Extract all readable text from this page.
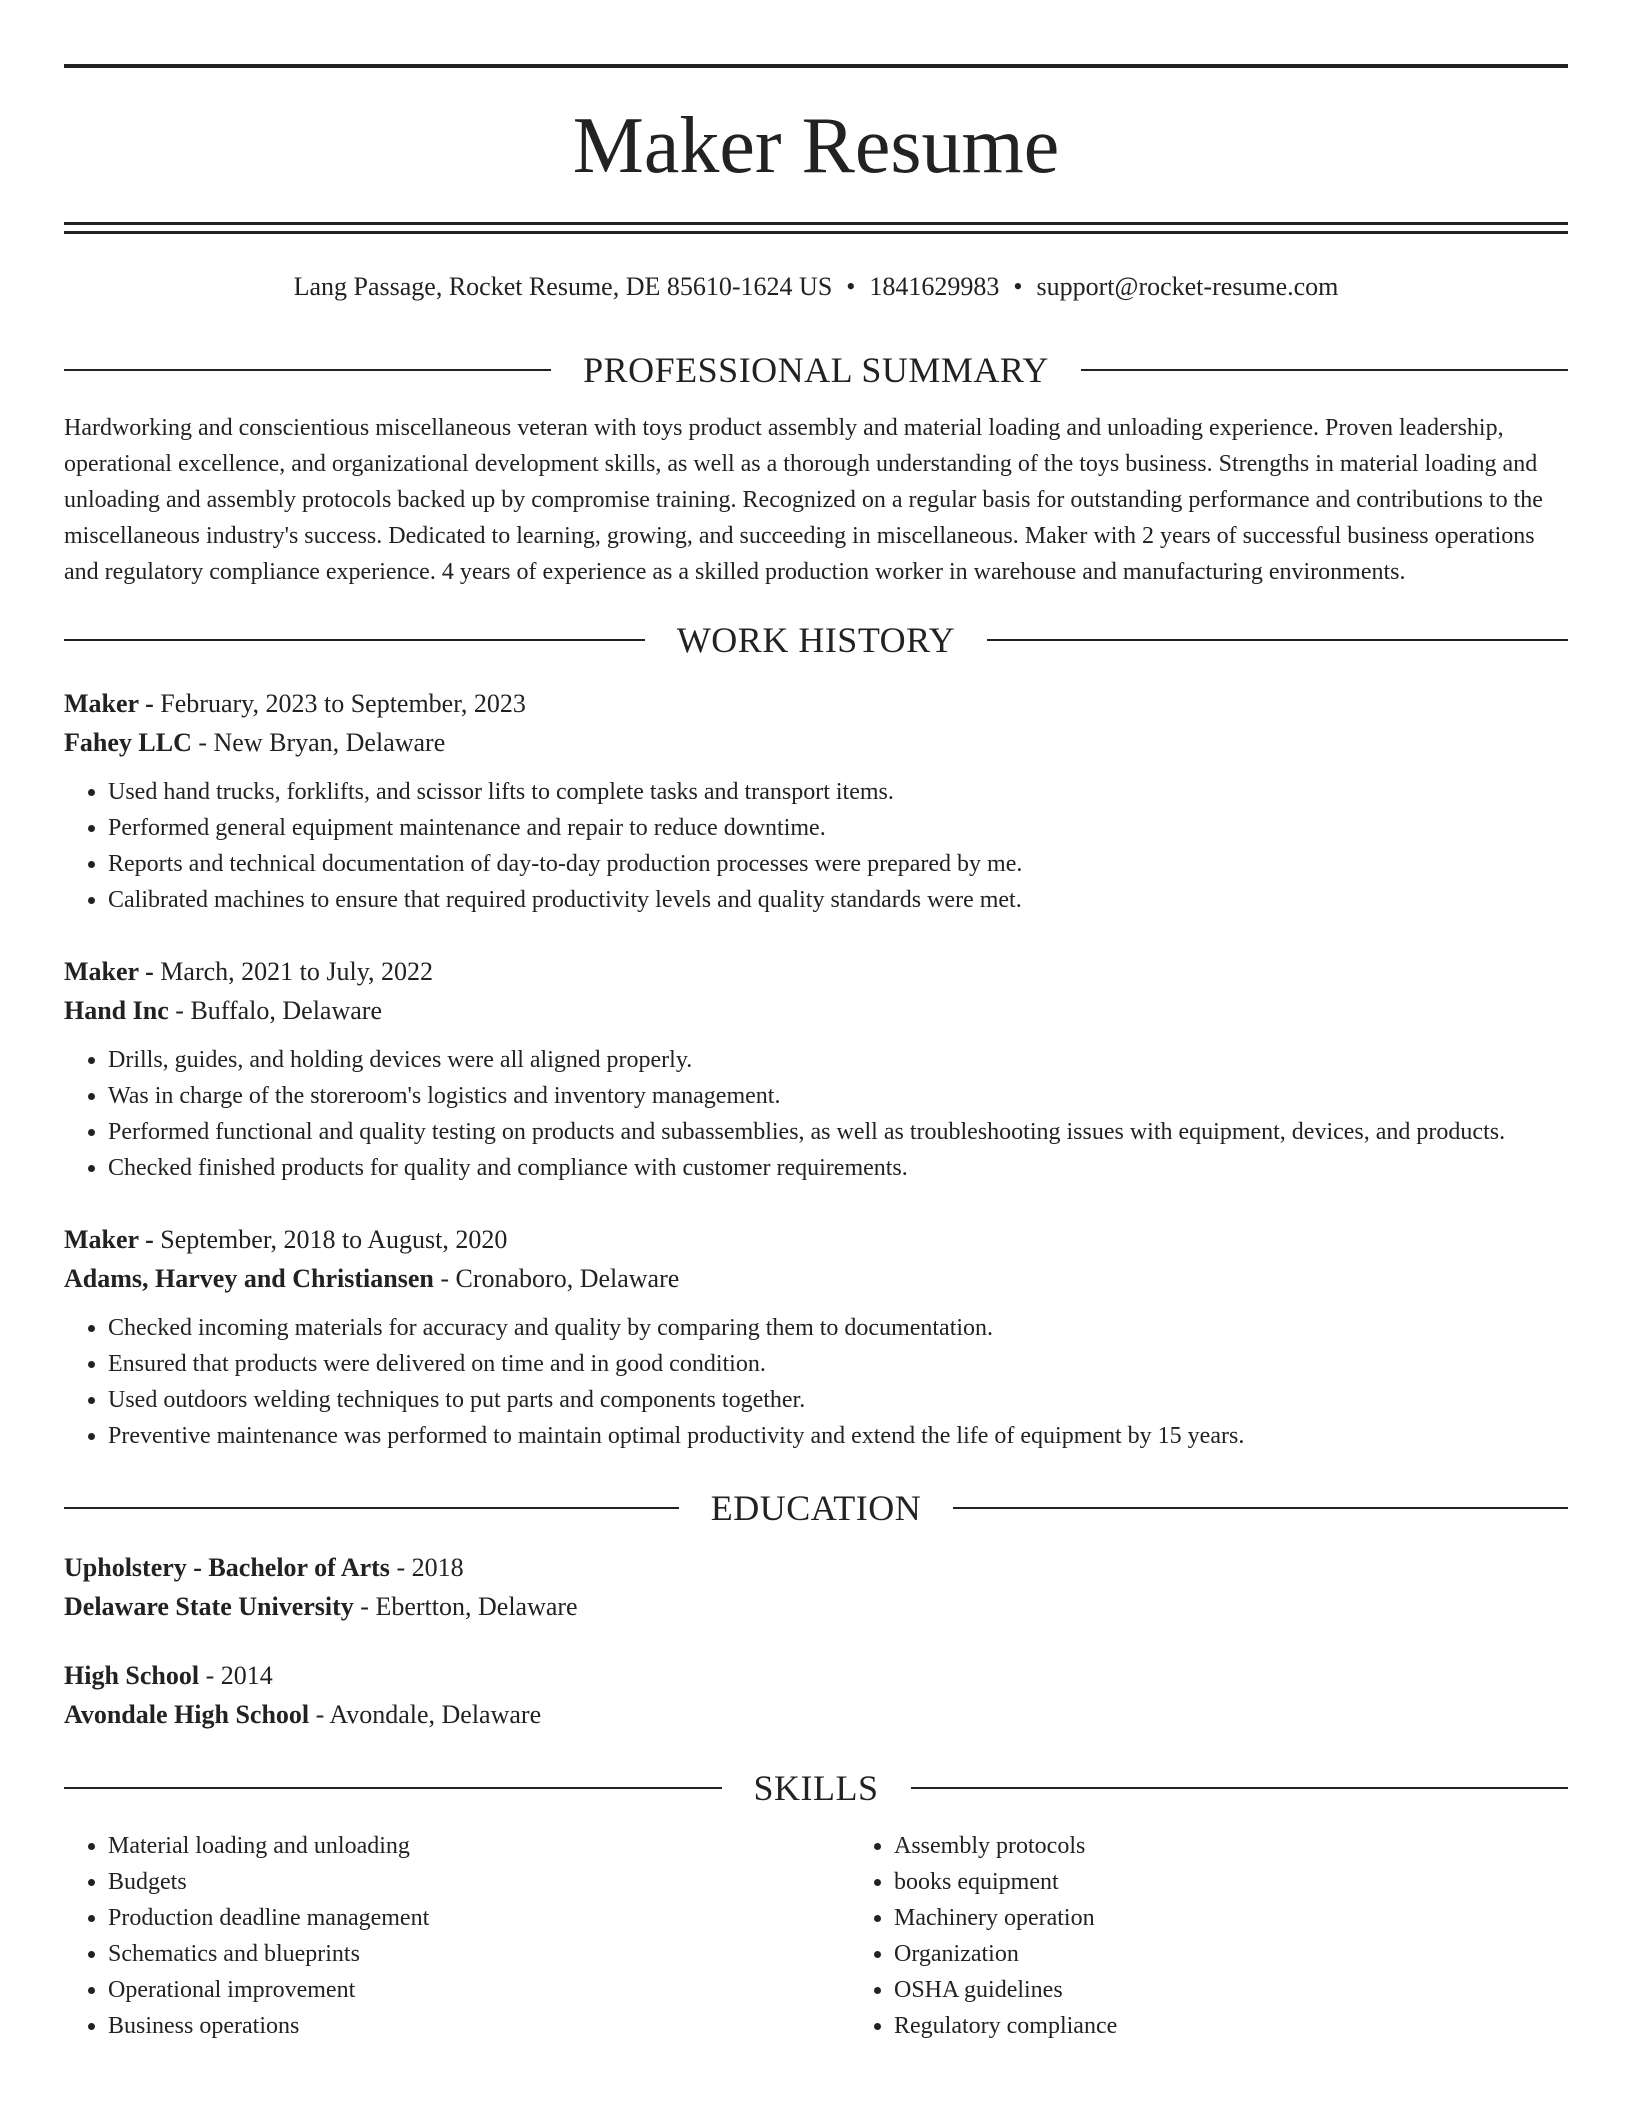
Maker Resume
Lang Passage, Rocket Resume, DE 85610-1624 US • 1841629983 • support@rocket-resume.com
PROFESSIONAL SUMMARY

Hardworking and conscientious miscellaneous veteran with toys product assembly and material loading and unloading experience. Proven leadership, operational excellence, and organizational development skills, as well as a thorough understanding of the toys business. Strengths in material loading and unloading and assembly protocols backed up by compromise training. Recognized on a regular basis for outstanding performance and contributions to the miscellaneous industry's success. Dedicated to learning, growing, and succeeding in miscellaneous. Maker with 2 years of successful business operations and regulatory compliance experience. 4 years of experience as a skilled production worker in warehouse and manufacturing environments.

WORK HISTORY
Maker - February, 2023 to September, 2023
Fahey LLC - New Bryan, Delaware
• Used hand trucks, forklifts, and scissor lifts to complete tasks and transport items.
• Performed general equipment maintenance and repair to reduce downtime.
• Reports and technical documentation of day-to-day production processes were prepared by me.
• Calibrated machines to ensure that required productivity levels and quality standards were met.
Maker - March, 2021 to July, 2022
Hand Inc - Buffalo, Delaware
• Drills, guides, and holding devices were all aligned properly.
• Was in charge of the storeroom's logistics and inventory management.
• Performed functional and quality testing on products and subassemblies, as well as troubleshooting issues with equipment, devices, and products.
• Checked finished products for quality and compliance with customer requirements.
Maker - September, 2018 to August, 2020
Adams, Harvey and Christiansen - Cronaboro, Delaware
• Checked incoming materials for accuracy and quality by comparing them to documentation.
• Ensured that products were delivered on time and in good condition.
• Used outdoors welding techniques to put parts and components together.
• Preventive maintenance was performed to maintain optimal productivity and extend the life of equipment by 15 years.
EDUCATION
Upholstery - Bachelor of Arts - 2018
Delaware State University - Ebertton, Delaware
High School - 2014
Avondale High School - Avondale, Delaware
SKILLS
• Material loading and unloading
• Budgets
• Production deadline management
• Schematics and blueprints
• Operational improvement
• Business operations
• Assembly protocols
• books equipment
• Machinery operation
• Organization
• OSHA guidelines
• Regulatory compliance
